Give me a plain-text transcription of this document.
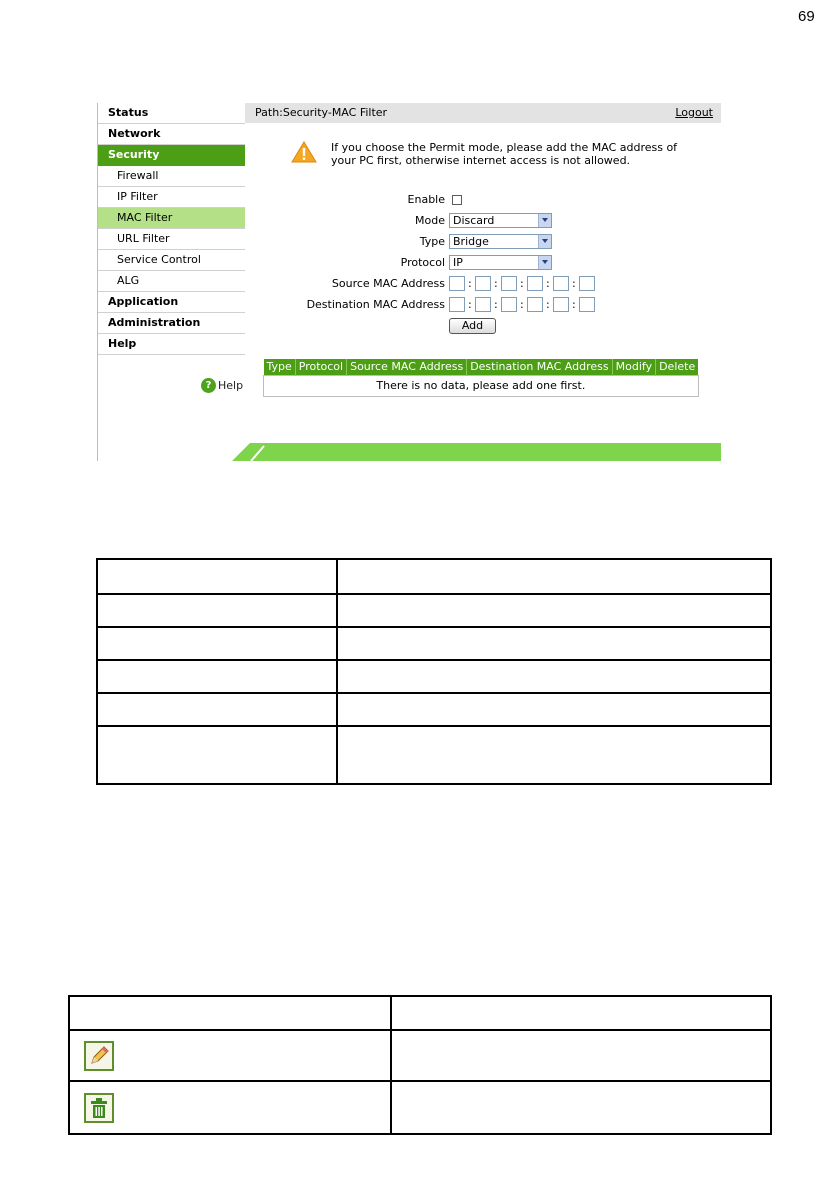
69
Status
Network
Security
Firewall
IP Filter
MAC Filter
URL Filter
Service Control
ALG
Application
Administration
Help
? Help
Path:Security-MAC Filter	Logout
If you choose the Permit mode, please add the MAC address of your PC first, otherwise internet access is not allowed.
Enable
Mode Discard
Type Bridge
Protocol IP
Source MAC Address : : : : :
Destination MAC Address : : : : :
Add
Type	Protocol	Source MAC Address	Destination MAC Address	Modify	Delete
There is no data, please add one first.
